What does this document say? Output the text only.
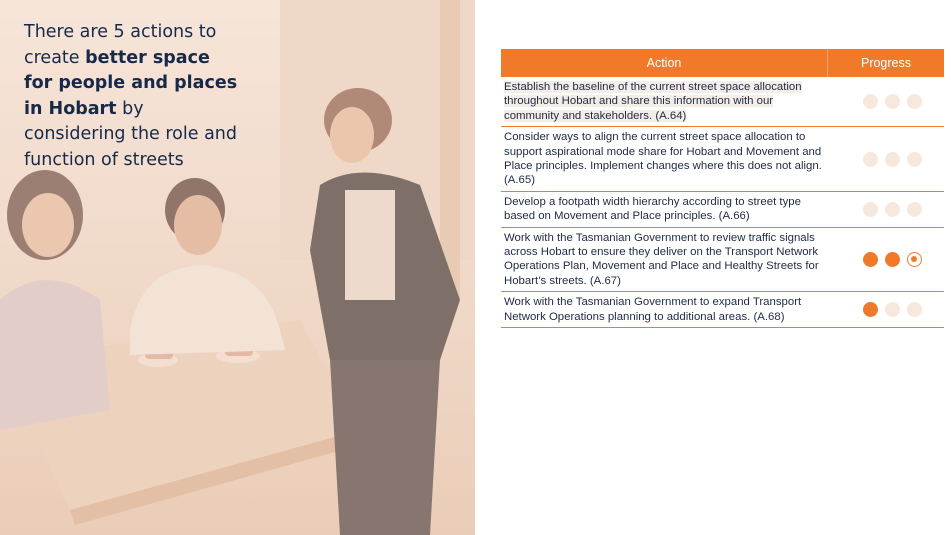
There are 5 actions to create better space for people and places in Hobart by considering the role and function of streets
Action	Progress
Establish the baseline of the current street space allocation throughout Hobart and share this information with our community and stakeholders. (A.64)
Consider ways to align the current street space allocation to support aspirational mode share for Hobart and Movement and Place principles. Implement changes where this does not align. (A.65)
Develop a footpath width hierarchy according to street type based on Movement and Place principles. (A.66)
Work with the Tasmanian Government to review traffic signals across Hobart to ensure they deliver on the Transport Network Operations Plan, Movement and Place and Healthy Streets for Hobart’s streets. (A.67)
Work with the Tasmanian Government to expand Transport Network Operations planning to additional areas. (A.68)
